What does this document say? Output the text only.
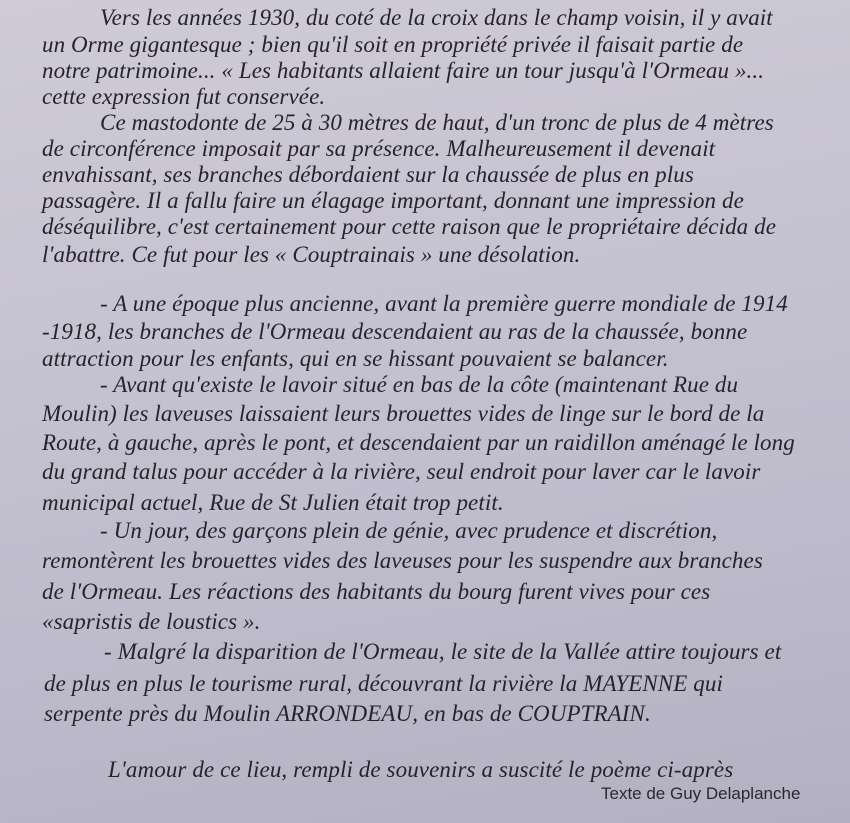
Vers les années 1930, du coté de la croix dans le champ voisin, il y avait
un Orme gigantesque ; bien qu'il soit en propriété privée il faisait partie de
notre patrimoine... « Les habitants allaient faire un tour jusqu'à l'Ormeau »...
cette expression fut conservée.
Ce mastodonte de 25 à 30 mètres de haut, d'un tronc de plus de 4 mètres
de circonférence imposait par sa présence. Malheureusement il devenait
envahissant, ses branches débordaient sur la chaussée de plus en plus
passagère. Il a fallu faire un élagage important, donnant une impression de
déséquilibre, c'est certainement pour cette raison que le propriétaire décida de
l'abattre. Ce fut pour les « Couptrainais » une désolation.
- A une époque plus ancienne, avant la première guerre mondiale de 1914
-1918, les branches de l'Ormeau descendaient au ras de la chaussée, bonne
attraction pour les enfants, qui en se hissant pouvaient se balancer.
- Avant qu'existe le lavoir situé en bas de la côte (maintenant Rue du
Moulin) les laveuses laissaient leurs brouettes vides de linge sur le bord de la
Route, à gauche, après le pont, et descendaient par un raidillon aménagé le long
du grand talus pour accéder à la rivière, seul endroit pour laver car le lavoir
municipal actuel, Rue de St Julien était trop petit.
- Un jour, des garçons plein de génie, avec prudence et discrétion,
remontèrent les brouettes vides des laveuses pour les suspendre aux branches
de l'Ormeau. Les réactions des habitants du bourg furent vives pour ces
«sapristis de loustics ».
- Malgré la disparition de l'Ormeau, le site de la Vallée attire toujours et
de plus en plus le tourisme rural, découvrant la rivière la MAYENNE qui
serpente près du Moulin ARRONDEAU, en bas de COUPTRAIN.
L'amour de ce lieu, rempli de souvenirs a suscité le poème ci-après
Texte de Guy Delaplanche
